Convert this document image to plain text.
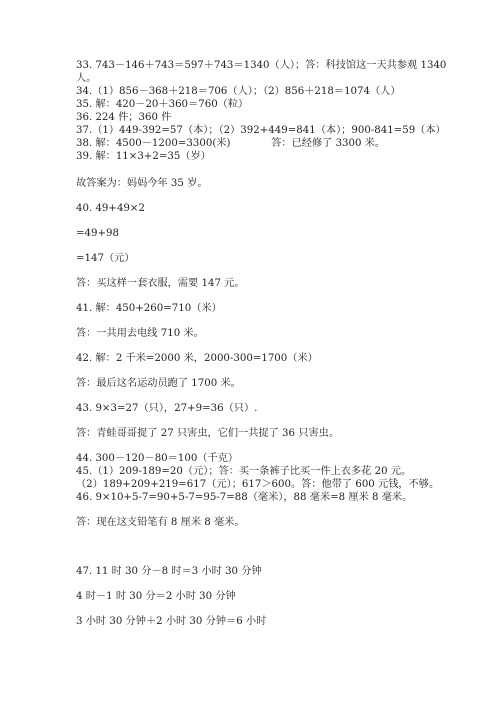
33. 743－146＋743＝597＋743＝1340（人）；答：科技馆这一天共参观 1340

人。

34.（1）856－368＋218＝706（人）；（2）856＋218＝1074（人）

35. 解：420－20＋360＝760（粒）

36. 224 件；360 件

37.（1）449-392=57（本）；（2）392+449=841（本）；900-841=59（本）

38. 解：4500－1200=3300(米)　　　　答：已经修了 3300 米。

39. 解：11×3+2=35（岁）

故答案为：妈妈今年 35 岁。

40. 49+49×2

=49+98

=147（元）

答：买这样一套衣服，需要 147 元。

41. 解：450+260=710（米）

答：一共用去电线 710 米。

42. 解：2 千米=2000 米，2000-300=1700（米）

答：最后这名运动员跑了 1700 米。

43. 9×3=27（只），27+9=36（只）.

答：青蛙哥哥捉了 27 只害虫，它们一共捉了 36 只害虫。

44. 300－120－80＝100（千克）

45.（1）209-189=20（元）；答：买一条裤子比买一件上衣多花 20 元。

（2）189+209+219=617（元）；617＞600。答：他带了 600 元钱，不够。

46. 9×10+5-7=90+5-7=95-7=88（毫米），88 毫米=8 厘米 8 毫米。

答：现在这支铅笔有 8 厘米 8 毫米。

47. 11 时 30 分－8 时＝3 小时 30 分钟

4 时－1 时 30 分＝2 小时 30 分钟

3 小时 30 分钟＋2 小时 30 分钟＝6 小时
